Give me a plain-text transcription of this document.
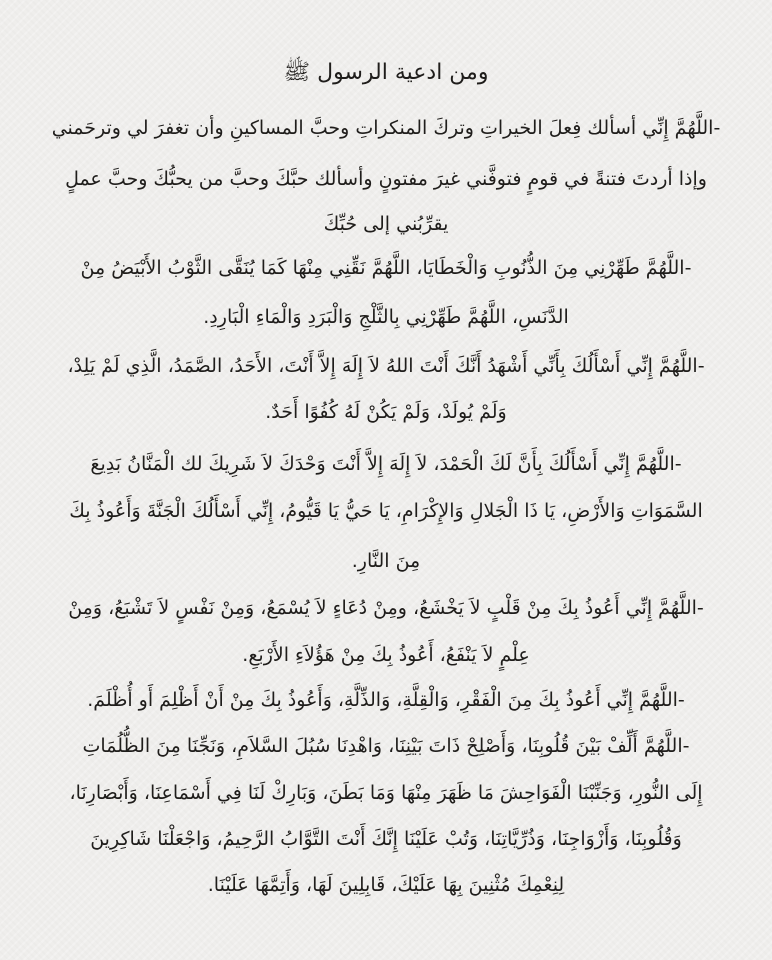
ومن ادعية الرسول ﷺ
-اللَّهُمَّ إِنِّي أسألك فِعلَ الخيراتِ وتركَ المنكراتِ وحبَّ المساكينِ وأن تغفرَ لي وترحَمني
وإذا أردتَ فتنةً في قومٍ فتوفَّني غيرَ مفتونٍ وأسألك حبَّكَ وحبَّ من يحبُّكَ وحبَّ عملٍ
يقرِّبُني إلى حُبِّكَ
-اللَّهُمَّ طَهِّرْنِي مِنَ الذُّنُوبِ وَالْخَطَايَا، اللَّهُمَّ نَقِّنِي مِنْهَا كَمَا يُنَقَّى الثَّوْبُ الأَبْيَضُ مِنْ
الدَّنَسِ، اللَّهُمَّ طَهِّرْنِي بِالثَّلْجِ وَالْبَرَدِ وَالْمَاءِ الْبَارِدِ.
-اللَّهُمَّ إِنِّي أَسْأَلُكَ بِأَنِّي أَشْهَدُ أَنَّكَ أَنْتَ اللهُ لاَ إِلَهَ إِلاَّ أَنْتَ، الأَحَدُ، الصَّمَدُ، الَّذِي لَمْ يَلِدْ،
وَلَمْ يُولَدْ، وَلَمْ يَكُنْ لَهُ كُفُوًا أَحَدٌ.
-اللَّهُمَّ إِنِّي أَسْأَلُكَ بِأَنَّ لَكَ الْحَمْدَ، لاَ إِلَهَ إِلاَّ أَنْتَ وَحْدَكَ لاَ شَرِيكَ لك الْمَنَّانُ بَدِيعَ
السَّمَوَاتِ وَالأَرْضِ، يَا ذَا الْجَلالِ وَالإِكْرَامِ، يَا حَيُّ يَا قَيُّومُ، إِنِّي أَسْأَلُكَ الْجَنَّةَ وَأَعُوذُ بِكَ
مِنَ النَّارِ.
-اللَّهُمَّ إِنِّي أَعُوذُ بِكَ مِنْ قَلْبٍ لاَ يَخْشَعُ، ومِنْ دُعَاءٍ لاَ يُسْمَعُ، وَمِنْ نَفْسٍ لاَ تَشْبَعُ، وَمِنْ
عِلْمٍ لاَ يَنْفَعُ، أَعُوذُ بِكَ مِنْ هَؤُلاَءِ الأَرْبَعِ.
-اللَّهُمَّ إِنِّي أَعُوذُ بِكَ مِنَ الْفَقْرِ، وَالْقِلَّةِ، وَالذِّلَّةِ، وَأَعُوذُ بِكَ مِنْ أَنْ أَظْلِمَ أَو أُظْلَمَ.
-اللَّهُمَّ أَلِّفْ بَيْنَ قُلُوبِنَا، وَأَصْلِحْ ذَاتَ بَيْنِنَا، وَاهْدِنَا سُبُلَ السَّلاَمِ، وَنَجِّنَا مِنَ الظُّلُمَاتِ
إِلَى النُّورِ، وَجَنِّبْنَا الْفَوَاحِشَ مَا ظَهَرَ مِنْهَا وَمَا بَطَنَ، وَبَارِكْ لَنَا فِي أَسْمَاعِنَا، وَأَبْصَارِنَا،
وَقُلُوبِنَا، وَأَزْوَاجِنَا، وَذُرِّيَّاتِنَا، وَتُبْ عَلَيْنَا إِنَّكَ أَنْتَ التَّوَّابُ الرَّحِيمُ، وَاجْعَلْنَا شَاكِرِينَ
لِنِعْمِكَ مُثْنِينَ بِهَا عَلَيْكَ، قَابِلِينَ لَهَا، وَأَتِمَّهَا عَلَيْنَا.
